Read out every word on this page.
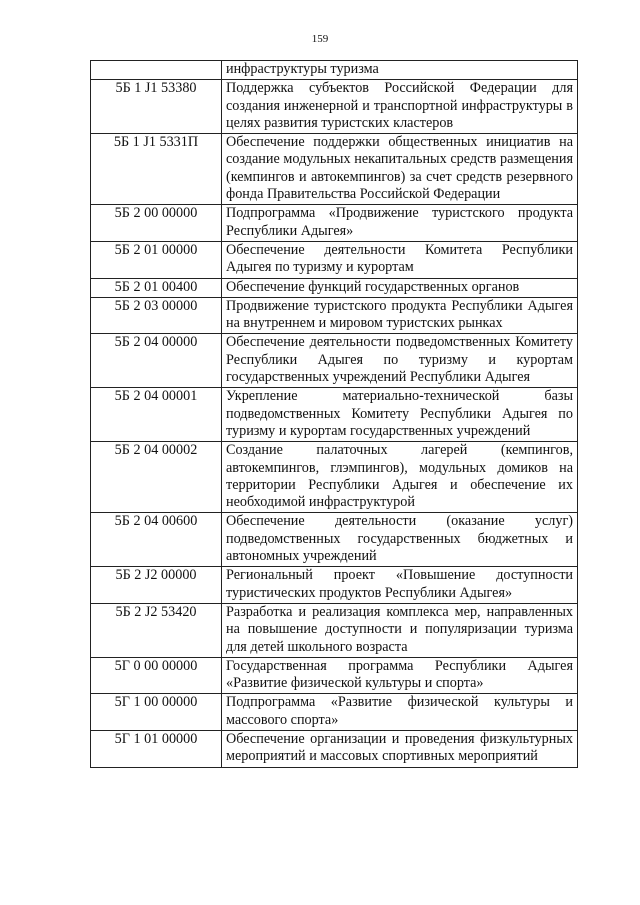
159
	инфраструктуры туризма
5Б 1 J1 53380	Поддержка субъектов Российской Федерации для создания инженерной и транспортной инфраструктуры в целях развития туристских кластеров
5Б 1 J1 5331П	Обеспечение поддержки общественных инициатив на создание модульных некапитальных средств размещения (кемпингов и автокемпингов) за счет средств резервного фонда Правительства Российской Федерации
5Б 2 00 00000	Подпрограмма «Продвижение туристского продукта Республики Адыгея»
5Б 2 01 00000	Обеспечение деятельности Комитета Республики Адыгея по туризму и курортам
5Б 2 01 00400	Обеспечение функций государственных органов
5Б 2 03 00000	Продвижение туристского продукта Республики Адыгея на внутреннем и мировом туристских рынках
5Б 2 04 00000	Обеспечение деятельности подведомственных Комитету Республики Адыгея по туризму и курортам государственных учреждений Республики Адыгея
5Б 2 04 00001	Укрепление материально-технической базы подведомственных Комитету Республики Адыгея по туризму и курортам государственных учреждений
5Б 2 04 00002	Создание палаточных лагерей (кемпингов, автокемпингов, глэмпингов), модульных домиков на территории Республики Адыгея и обеспечение их необходимой инфраструктурой
5Б 2 04 00600	Обеспечение деятельности (оказание услуг) подведомственных государственных бюджетных и автономных учреждений
5Б 2 J2 00000	Региональный проект «Повышение доступности туристических продуктов Республики Адыгея»
5Б 2 J2 53420	Разработка и реализация комплекса мер, направленных на повышение доступности и популяризации туризма для детей школьного возраста
5Г 0 00 00000	Государственная программа Республики Адыгея «Развитие физической культуры и спорта»
5Г 1 00 00000	Подпрограмма «Развитие физической культуры и массового спорта»
5Г 1 01 00000	Обеспечение организации и проведения физкультурных мероприятий и массовых спортивных мероприятий
